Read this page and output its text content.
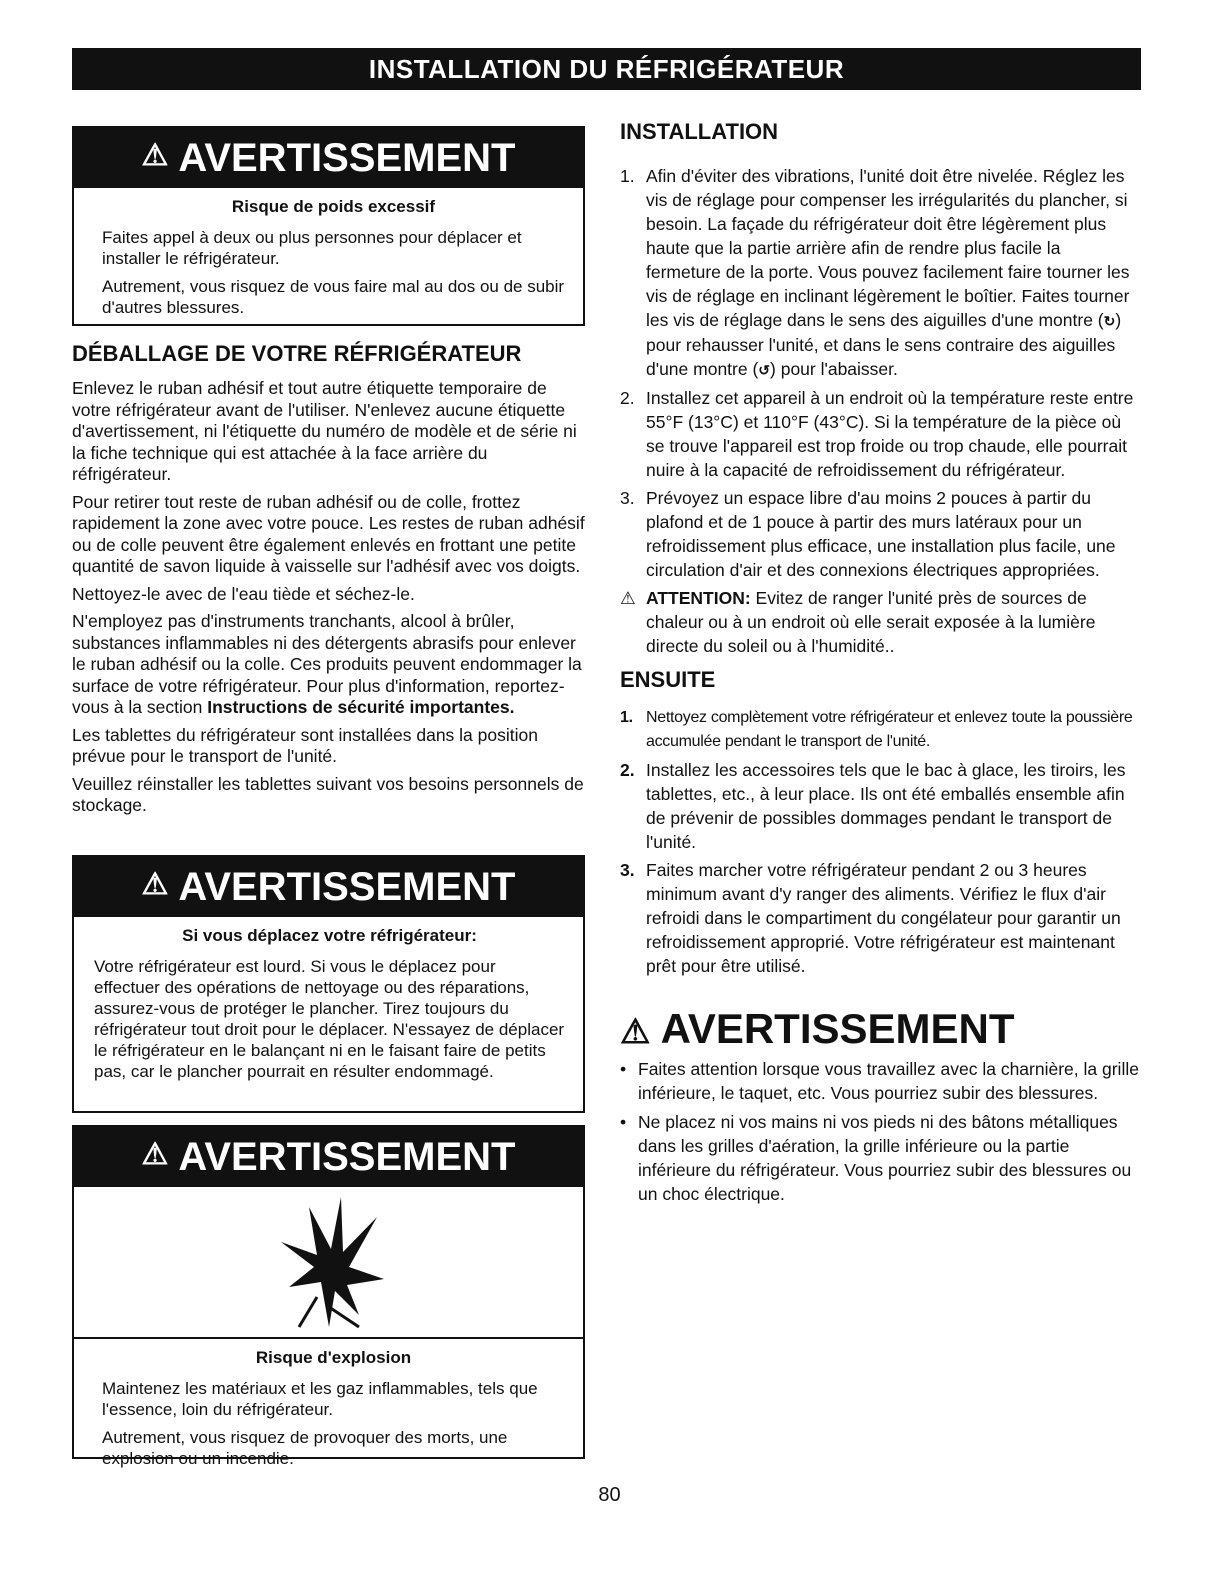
INSTALLATION DU RÉFRIGÉRATEUR
⚠ AVERTISSEMENT
Risque de poids excessif

Faites appel à deux ou plus personnes pour déplacer et installer le réfrigérateur.

Autrement, vous risquez de vous faire mal au dos ou de subir d'autres blessures.

DÉBALLAGE DE VOTRE RÉFRIGÉRATEUR

Enlevez le ruban adhésif et tout autre étiquette temporaire de votre réfrigérateur avant de l'utiliser. N'enlevez aucune étiquette d'avertissement, ni l'étiquette du numéro de modèle et de série ni la fiche technique qui est attachée à la face arrière du réfrigérateur.

Pour retirer tout reste de ruban adhésif ou de colle, frottez rapidement la zone avec votre pouce. Les restes de ruban adhésif ou de colle peuvent être également enlevés en frottant une petite quantité de savon liquide à vaisselle sur l'adhésif avec vos doigts.

Nettoyez-le avec de l'eau tiède et séchez-le.

N'employez pas d'instruments tranchants, alcool à brûler, substances inflammables ni des détergents abrasifs pour enlever le ruban adhésif ou la colle. Ces produits peuvent endommager la surface de votre réfrigérateur. Pour plus d'information, reportez-vous à la section Instructions de sécurité importantes.

Les tablettes du réfrigérateur sont installées dans la position prévue pour le transport de l'unité.

Veuillez réinstaller les tablettes suivant vos besoins personnels de stockage.

⚠ AVERTISSEMENT
Si vous déplacez votre réfrigérateur:

Votre réfrigérateur est lourd. Si vous le déplacez pour effectuer des opérations de nettoyage ou des réparations, assurez-vous de protéger le plancher. Tirez toujours du réfrigérateur tout droit pour le déplacer. N'essayez de déplacer le réfrigérateur en le balançant ni en le faisant faire de petits pas, car le plancher pourrait en résulter endommagé.

⚠ AVERTISSEMENT
Risque d'explosion

Maintenez les matériaux et les gaz inflammables, tels que l'essence, loin du réfrigérateur.

Autrement, vous risquez de provoquer des morts, une explosion ou un incendie.

INSTALLATION
1. Afin d'éviter des vibrations, l'unité doit être nivelée. Réglez les vis de réglage pour compenser les irrégularités du plancher, si besoin. La façade du réfrigérateur doit être légèrement plus haute que la partie arrière afin de rendre plus facile la fermeture de la porte. Vous pouvez facilement faire tourner les vis de réglage en inclinant légèrement le boîtier. Faites tourner les vis de réglage dans le sens des aiguilles d'une montre (↻) pour rehausser l'unité, et dans le sens contraire des aiguilles d'une montre (↺) pour l'abaisser.
2. Installez cet appareil à un endroit où la température reste entre 55°F (13°C) et 110°F (43°C). Si la température de la pièce où se trouve l'appareil est trop froide ou trop chaude, elle pourrait nuire à la capacité de refroidissement du réfrigérateur.
3. Prévoyez un espace libre d'au moins 2 pouces à partir du plafond et de 1 pouce à partir des murs latéraux pour un refroidissement plus efficace, une installation plus facile, une circulation d'air et des connexions électriques appropriées.
⚠ ATTENTION: Evitez de ranger l'unité près de sources de chaleur ou à un endroit où elle serait exposée à la lumière directe du soleil ou à l'humidité..
ENSUITE
1. Nettoyez complètement votre réfrigérateur et enlevez toute la poussière accumulée pendant le transport de l'unité.
2. Installez les accessoires tels que le bac à glace, les tiroirs, les tablettes, etc., à leur place. Ils ont été emballés ensemble afin de prévenir de possibles dommages pendant le transport de l'unité.
3. Faites marcher votre réfrigérateur pendant 2 ou 3 heures minimum avant d'y ranger des aliments. Vérifiez le flux d'air refroidi dans le compartiment du congélateur pour garantir un refroidissement approprié. Votre réfrigérateur est maintenant prêt pour être utilisé.
⚠ AVERTISSEMENT
• Faites attention lorsque vous travaillez avec la charnière, la grille inférieure, le taquet, etc. Vous pourriez subir des blessures.
• Ne placez ni vos mains ni vos pieds ni des bâtons métalliques dans les grilles d'aération, la grille inférieure ou la partie inférieure du réfrigérateur. Vous pourriez subir des blessures ou un choc électrique.
80
